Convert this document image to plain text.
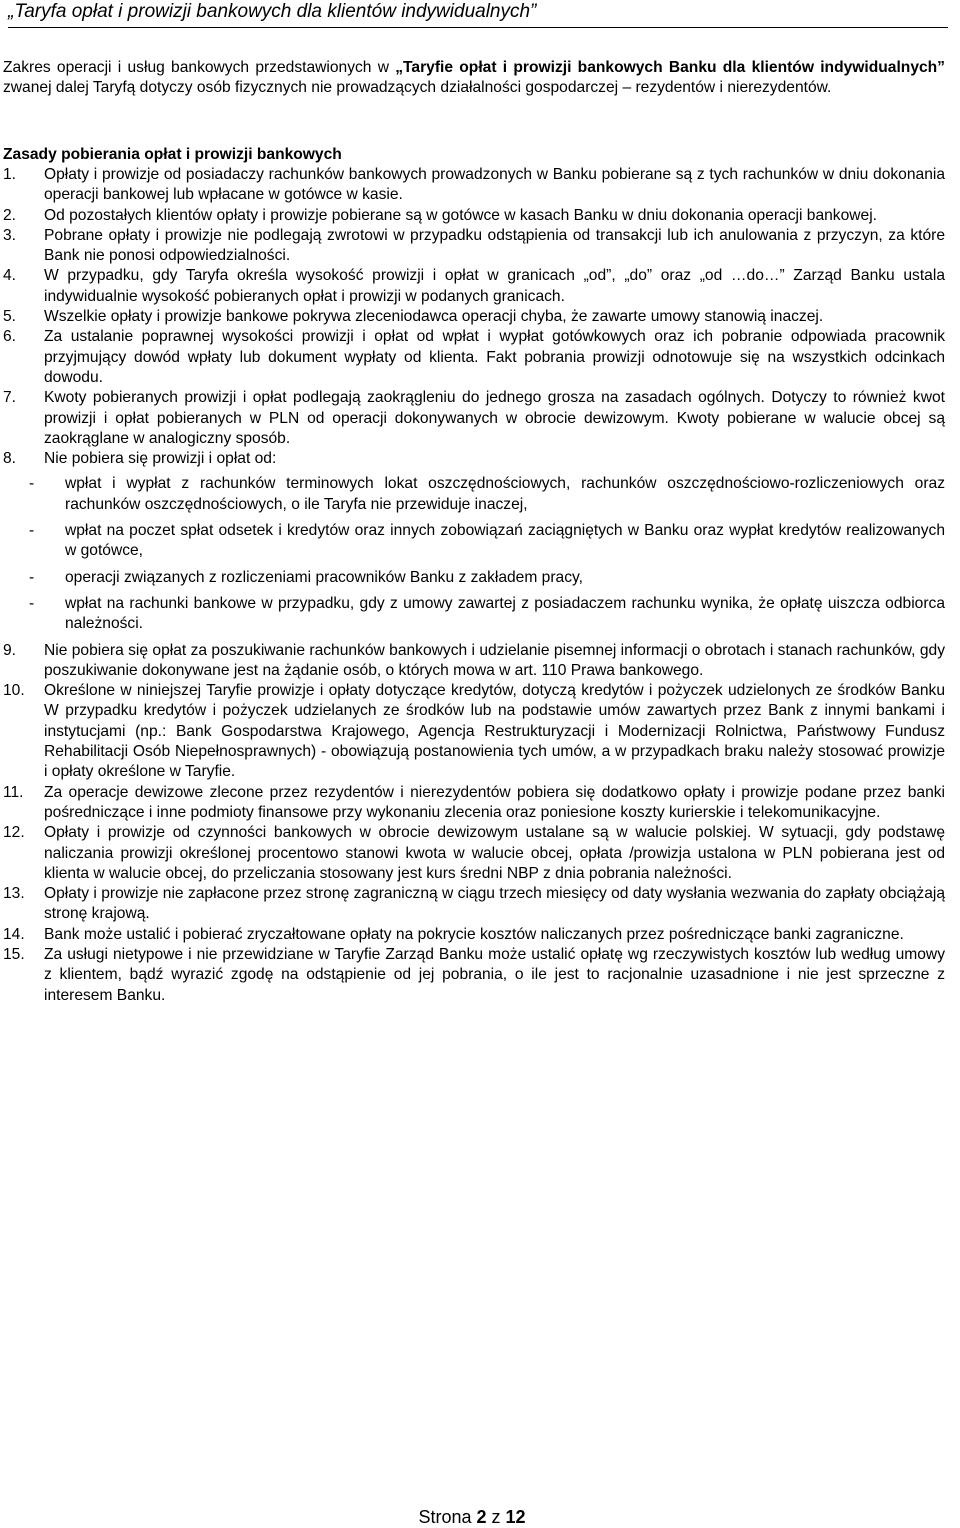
„Taryfa opłat i prowizji bankowych dla klientów indywidualnych”
Zakres operacji i usług bankowych przedstawionych w „Taryfie opłat i prowizji bankowych Banku dla klientów indywidualnych” zwanej dalej Taryfą dotyczy osób fizycznych nie prowadzących działalności gospodarczej – rezydentów i nierezydentów.
Zasady pobierania opłat i prowizji bankowych
1. Opłaty i prowizje od posiadaczy rachunków bankowych prowadzonych w Banku pobierane są z tych rachunków w dniu dokonania operacji bankowej lub wpłacane w gotówce w kasie.
2. Od pozostałych klientów opłaty i prowizje pobierane są w gotówce w kasach Banku w dniu dokonania operacji bankowej.
3. Pobrane opłaty i prowizje nie podlegają zwrotowi w przypadku odstąpienia od transakcji lub ich anulowania z przyczyn, za które Bank nie ponosi odpowiedzialności.
4. W przypadku, gdy Taryfa określa wysokość prowizji i opłat w granicach „od”, „do” oraz „od …do…” Zarząd Banku ustala indywidualnie wysokość pobieranych opłat i prowizji w podanych granicach.
5. Wszelkie opłaty i prowizje bankowe pokrywa zleceniodawca operacji chyba, że zawarte umowy stanowią inaczej.
6. Za ustalanie poprawnej wysokości prowizji i opłat od wpłat i wypłat gotówkowych oraz ich pobranie odpowiada pracownik przyjmujący dowód wpłaty lub dokument wypłaty od klienta. Fakt pobrania prowizji odnotowuje się na wszystkich odcinkach dowodu.
7. Kwoty pobieranych prowizji i opłat podlegają zaokrągleniu do jednego grosza na zasadach ogólnych. Dotyczy to również kwot prowizji i opłat pobieranych w PLN od operacji dokonywanych w obrocie dewizowym. Kwoty pobierane w walucie obcej są zaokrąglane w analogiczny sposób.
8. Nie pobiera się prowizji i opłat od:
- wpłat i wypłat z rachunków terminowych lokat oszczędnościowych, rachunków oszczędnościowo-rozliczeniowych oraz rachunków oszczędnościowych, o ile Taryfa nie przewiduje inaczej,
- wpłat na poczet spłat odsetek i kredytów oraz innych zobowiązań zaciągniętych w Banku oraz wypłat kredytów realizowanych w gotówce,
- operacji związanych z rozliczeniami pracowników Banku z zakładem pracy,
- wpłat na rachunki bankowe w przypadku, gdy z umowy zawartej z posiadaczem rachunku wynika, że opłatę uiszcza odbiorca należności.
9. Nie pobiera się opłat za poszukiwanie rachunków bankowych i udzielanie pisemnej informacji o obrotach i stanach rachunków, gdy poszukiwanie dokonywane jest na żądanie osób, o których mowa w art. 110 Prawa bankowego.
10. Określone w niniejszej Taryfie prowizje i opłaty dotyczące kredytów, dotyczą kredytów i pożyczek udzielonych ze środków Banku W przypadku kredytów i pożyczek udzielanych ze środków lub na podstawie umów zawartych przez Bank z innymi bankami i instytucjami (np.: Bank Gospodarstwa Krajowego, Agencja Restrukturyzacji i Modernizacji Rolnictwa, Państwowy Fundusz Rehabilitacji Osób Niepełnosprawnych) - obowiązują postanowienia tych umów, a w przypadkach braku należy stosować prowizje i opłaty określone w Taryfie.
11. Za operacje dewizowe zlecone przez rezydentów i nierezydentów pobiera się dodatkowo opłaty i prowizje podane przez banki pośredniczące i inne podmioty finansowe przy wykonaniu zlecenia oraz poniesione koszty kurierskie i telekomunikacyjne.
12. Opłaty i prowizje od czynności bankowych w obrocie dewizowym ustalane są w walucie polskiej. W sytuacji, gdy podstawę naliczania prowizji określonej procentowo stanowi kwota w walucie obcej, opłata /prowizja ustalona w PLN pobierana jest od klienta w walucie obcej, do przeliczania stosowany jest kurs średni NBP z dnia pobrania należności.
13. Opłaty i prowizje nie zapłacone przez stronę zagraniczną w ciągu trzech miesięcy od daty wysłania wezwania do zapłaty obciążają stronę krajową.
14. Bank może ustalić i pobierać zryczałtowane opłaty na pokrycie kosztów naliczanych przez pośredniczące banki zagraniczne.
15. Za usługi nietypowe i nie przewidziane w Taryfie Zarząd Banku może ustalić opłatę wg rzeczywistych kosztów lub według umowy z klientem, bądź wyrazić zgodę na odstąpienie od jej pobrania, o ile jest to racjonalnie uzasadnione i nie jest sprzeczne z interesem Banku.
Strona 2 z 12
